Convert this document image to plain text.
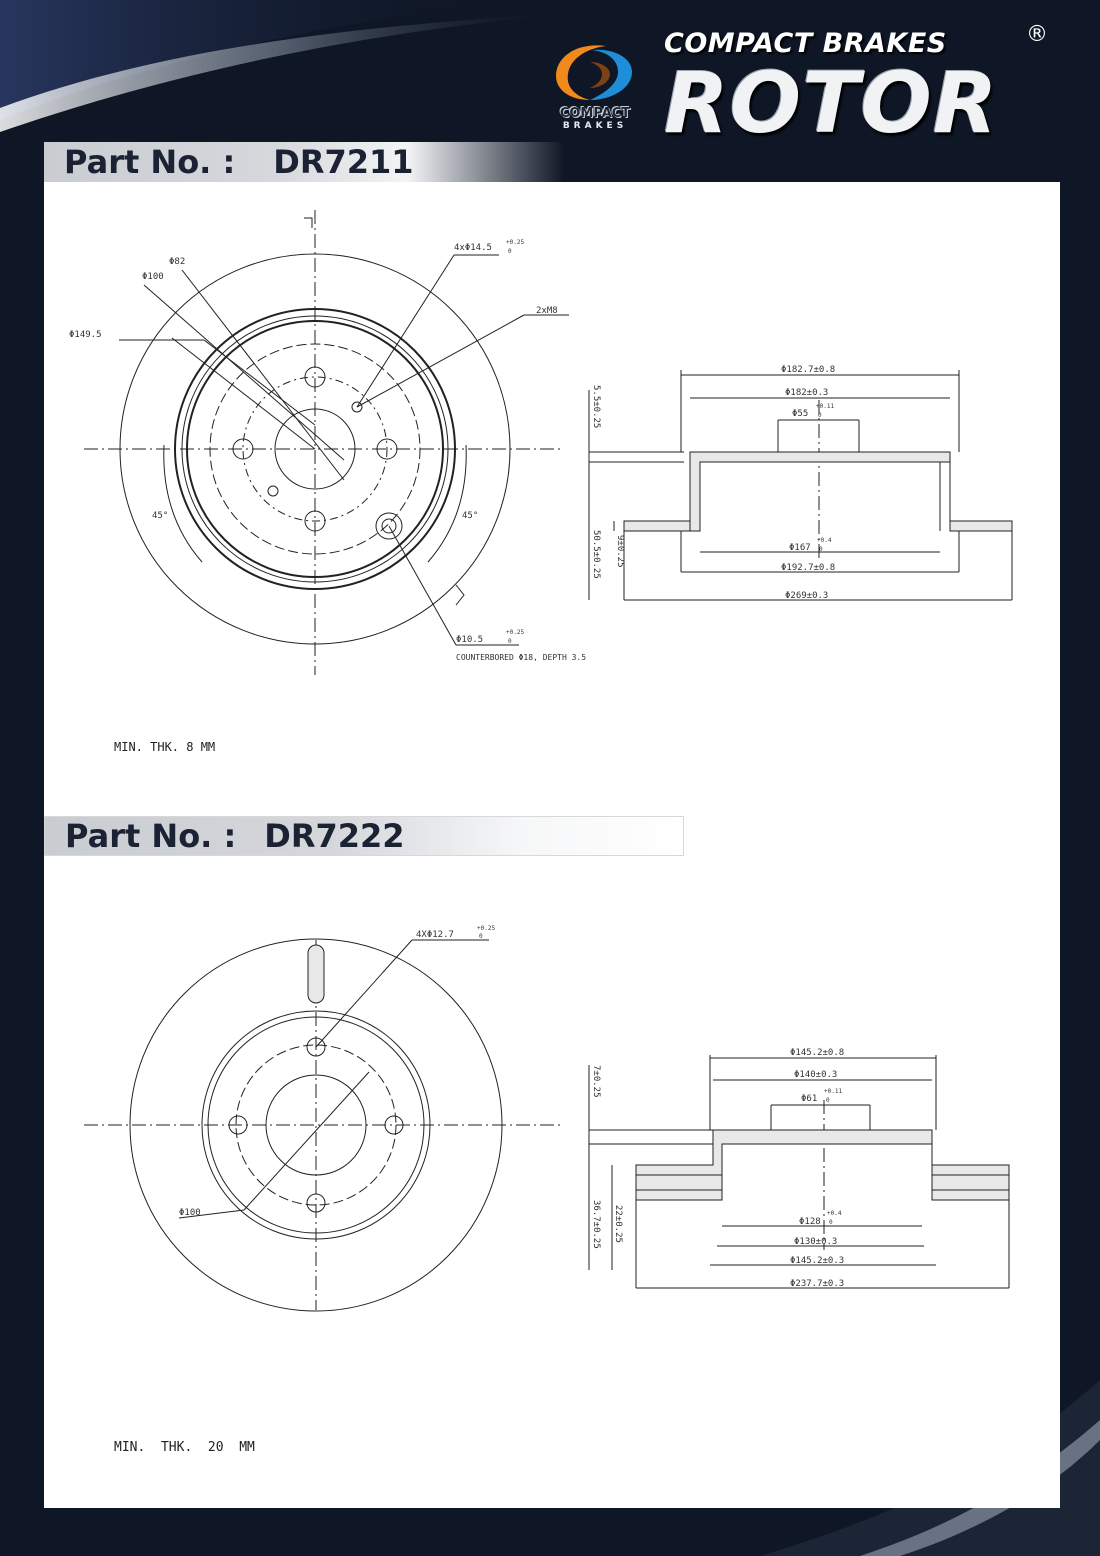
COMPACT
BRAKES
COMPACT BRAKES	®
ROTOR
Part No. : DR7211
Part No. : DR7222
4xΦ14.5
+0.25
0
Φ82
Φ100
2xM8
Φ149.5
45°	45°
Φ10.5
+0.25
0
COUNTERBORED Φ18, DEPTH 3.5
Φ182.7±0.8
Φ182±0.3
Φ55
+0.11
0
Φ167
+0.4
0
Φ192.7±0.8
Φ269±0.3
5.5±0.25
50.5±0.25 9±0.25
MIN. THK. 8 MM
4XΦ12.7
+0.25
0
Φ100
Φ145.2±0.8
Φ140±0.3
Φ61
+0.11
0
Φ128
+0.4
0
Φ130±0.3
Φ145.2±0.3
Φ237.7±0.3
7±0.25
36.7±0.25 22±0.25
MIN.  THK.  20  MM
